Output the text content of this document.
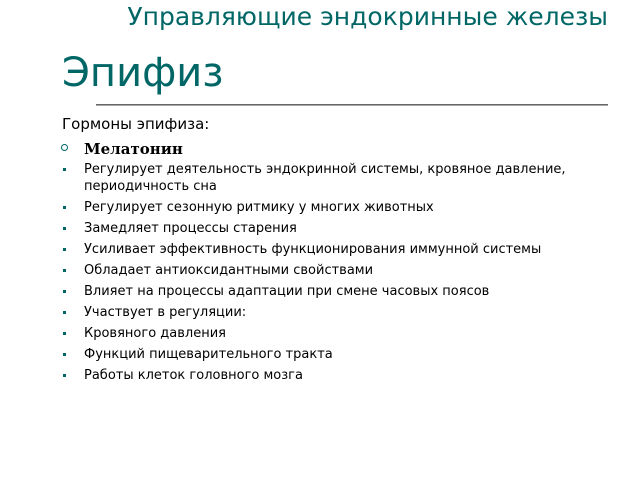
Управляющие эндокринные железы
Эпифиз
Гормоны эпифиза:
Мелатонин
Регулирует деятельность эндокринной системы, кровяное давление, периодичность сна
Регулирует сезонную ритмику у многих животных
Замедляет процессы старения
Усиливает эффективность функционирования иммунной системы
Обладает антиоксидантными свойствами
Влияет на процессы адаптации при смене часовых поясов
Участвует в регуляции:
Кровяного давления
Функций пищеварительного тракта
Работы клеток головного мозга
